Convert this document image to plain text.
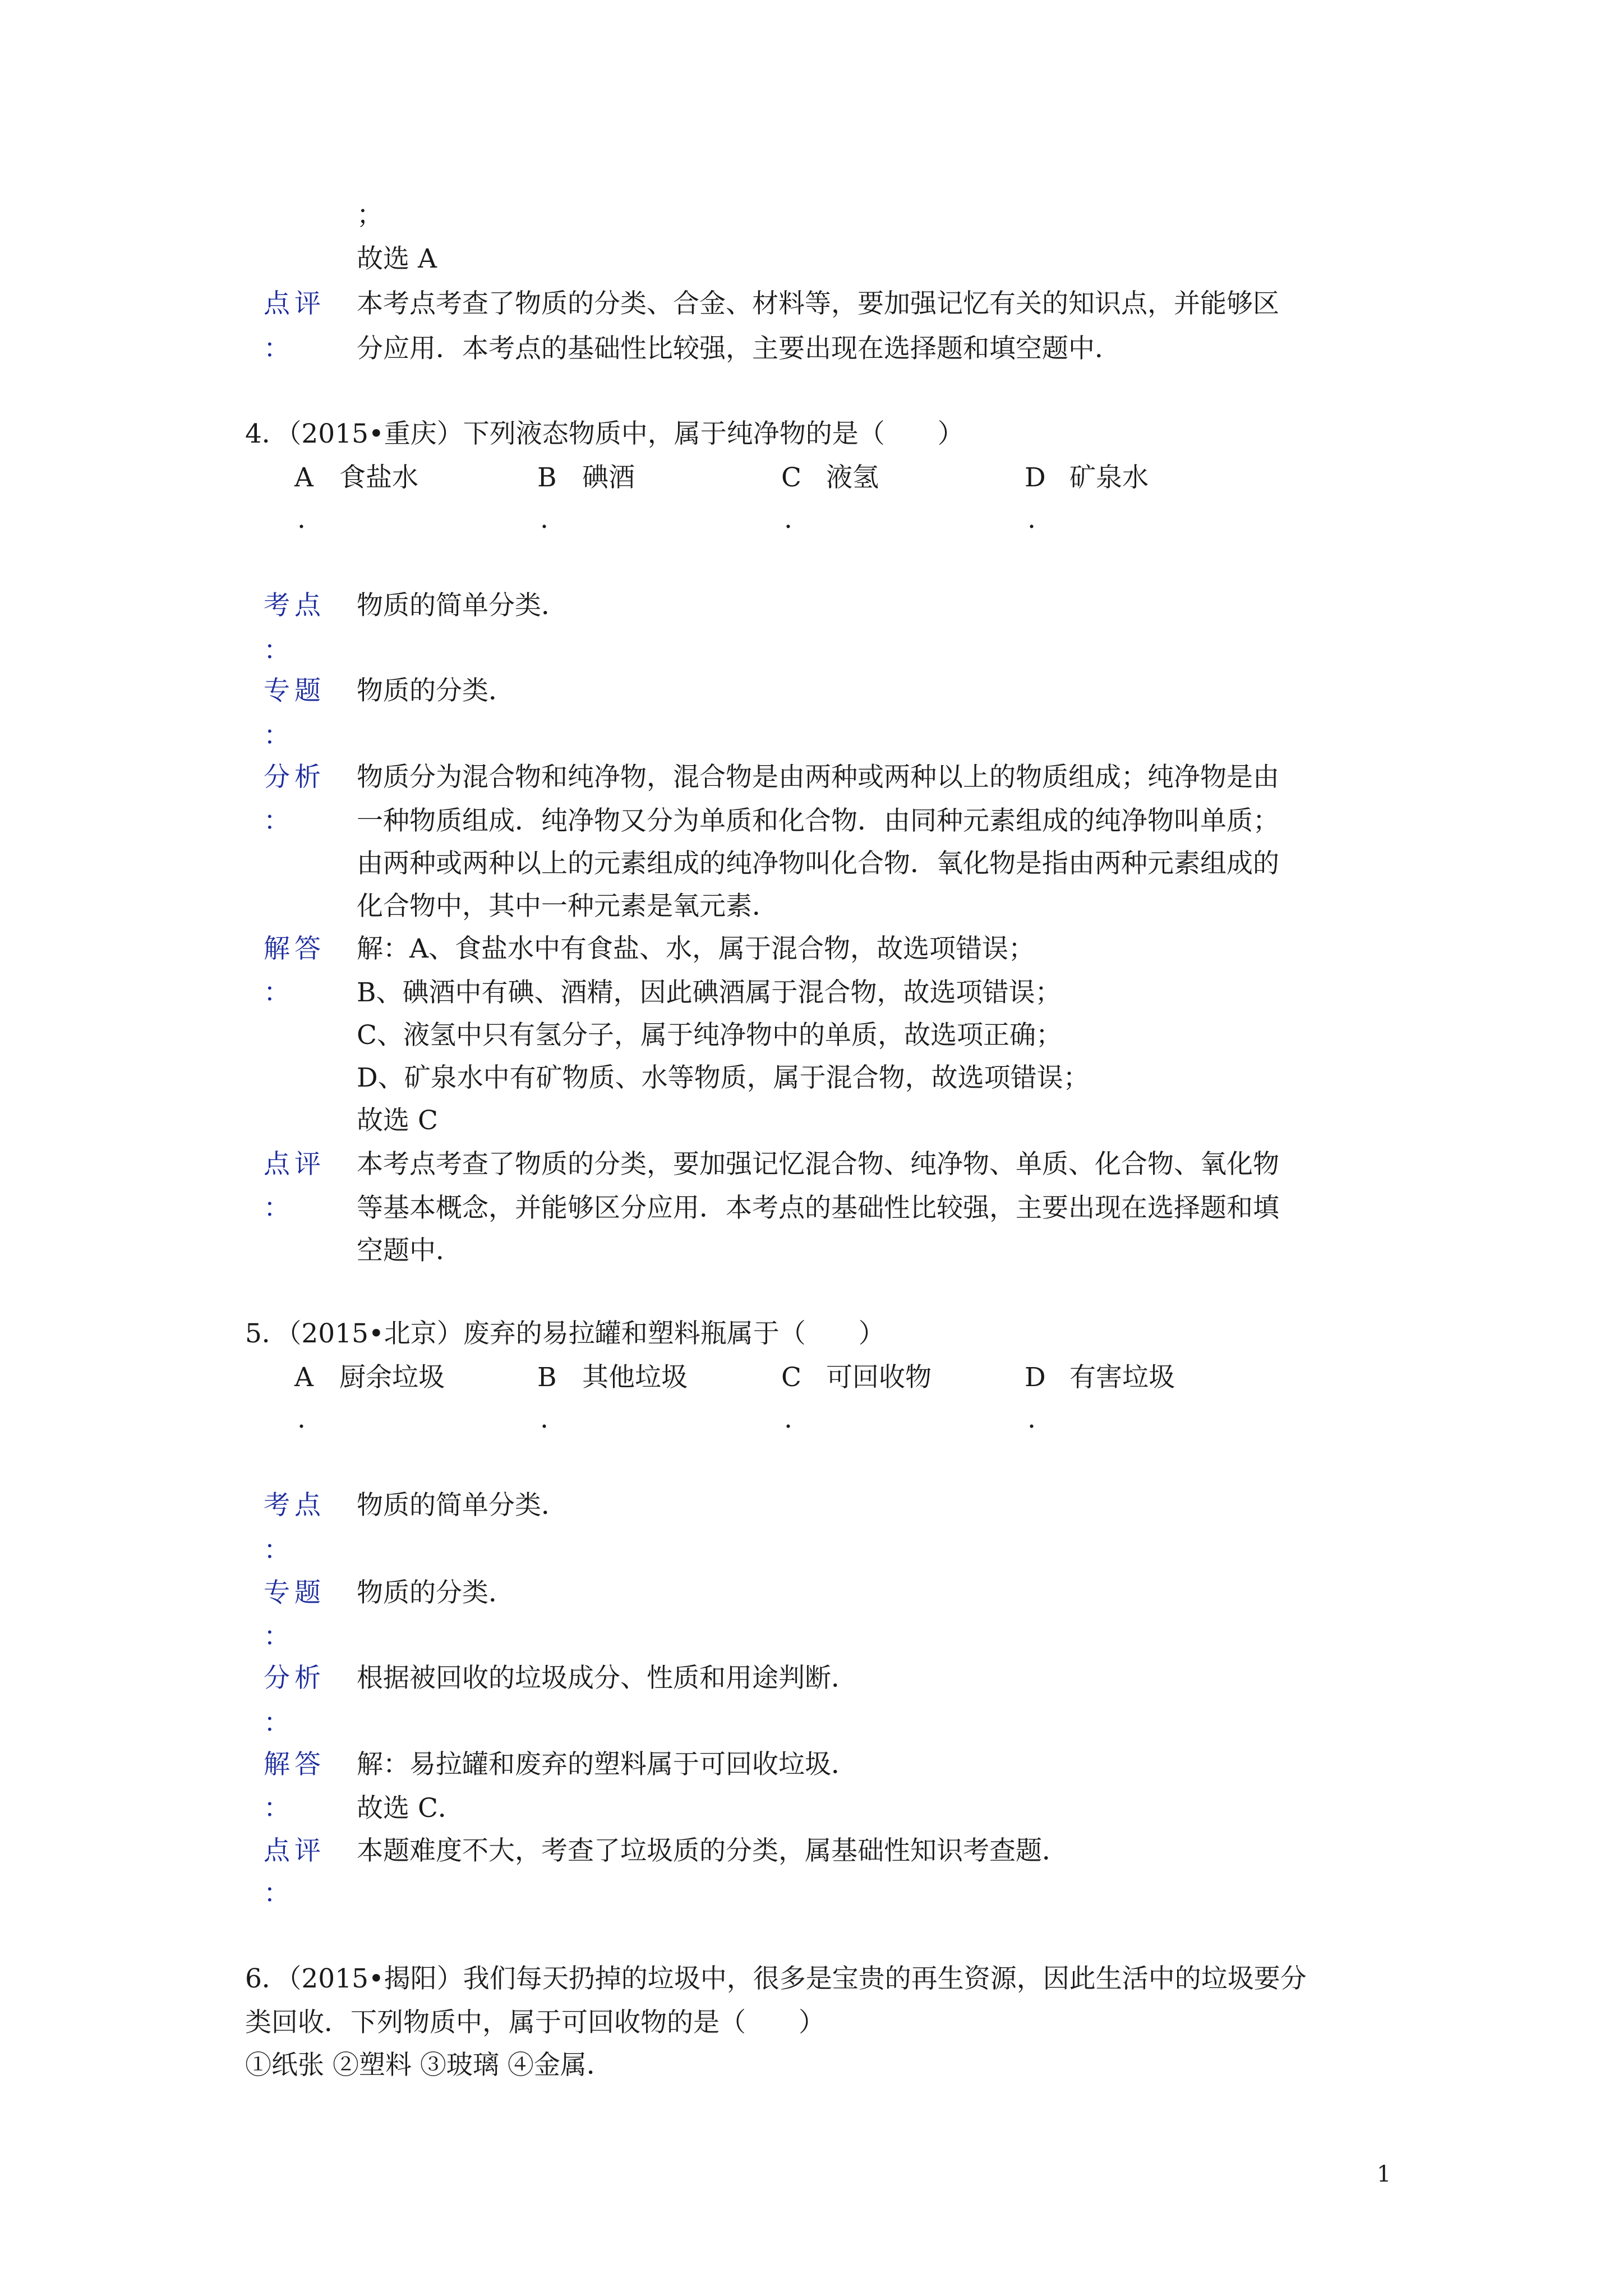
；
故选 A
点评
：
本考点考查了物质的分类、合金、材料等，要加强记忆有关的知识点，并能够区
分应用．本考点的基础性比较强，主要出现在选择题和填空题中．
4．（2015•重庆）下列液态物质中，属于纯净物的是（　　）
A 食盐水	B 碘酒	C 液氢	D 矿泉水
.	.	.	.
考点
：
物质的简单分类．
专题
：
物质的分类．
分析
：
物质分为混合物和纯净物，混合物是由两种或两种以上的物质组成；纯净物是由
一种物质组成．纯净物又分为单质和化合物．由同种元素组成的纯净物叫单质；
由两种或两种以上的元素组成的纯净物叫化合物．氧化物是指由两种元素组成的
化合物中，其中一种元素是氧元素．
解答
：
解：A、食盐水中有食盐、水，属于混合物，故选项错误；
B、碘酒中有碘、酒精，因此碘酒属于混合物，故选项错误；
C、液氢中只有氢分子，属于纯净物中的单质，故选项正确；
D、矿泉水中有矿物质、水等物质，属于混合物，故选项错误；
故选 C
点评
：
本考点考查了物质的分类，要加强记忆混合物、纯净物、单质、化合物、氧化物
等基本概念，并能够区分应用．本考点的基础性比较强，主要出现在选择题和填
空题中．
5．（2015•北京）废弃的易拉罐和塑料瓶属于（　　）
A 厨余垃圾	B 其他垃圾	C 可回收物	D 有害垃圾
.	.	.	.
考点
：
物质的简单分类．
专题
：
物质的分类．
分析
：
根据被回收的垃圾成分、性质和用途判断．
解答
：
解：易拉罐和废弃的塑料属于可回收垃圾．
故选 C．
点评
：
本题难度不大，考查了垃圾质的分类，属基础性知识考查题．
6．（2015•揭阳）我们每天扔掉的垃圾中，很多是宝贵的再生资源，因此生活中的垃圾要分
类回收．下列物质中，属于可回收物的是（　　）
①纸张 ②塑料 ③玻璃 ④金属．
1
